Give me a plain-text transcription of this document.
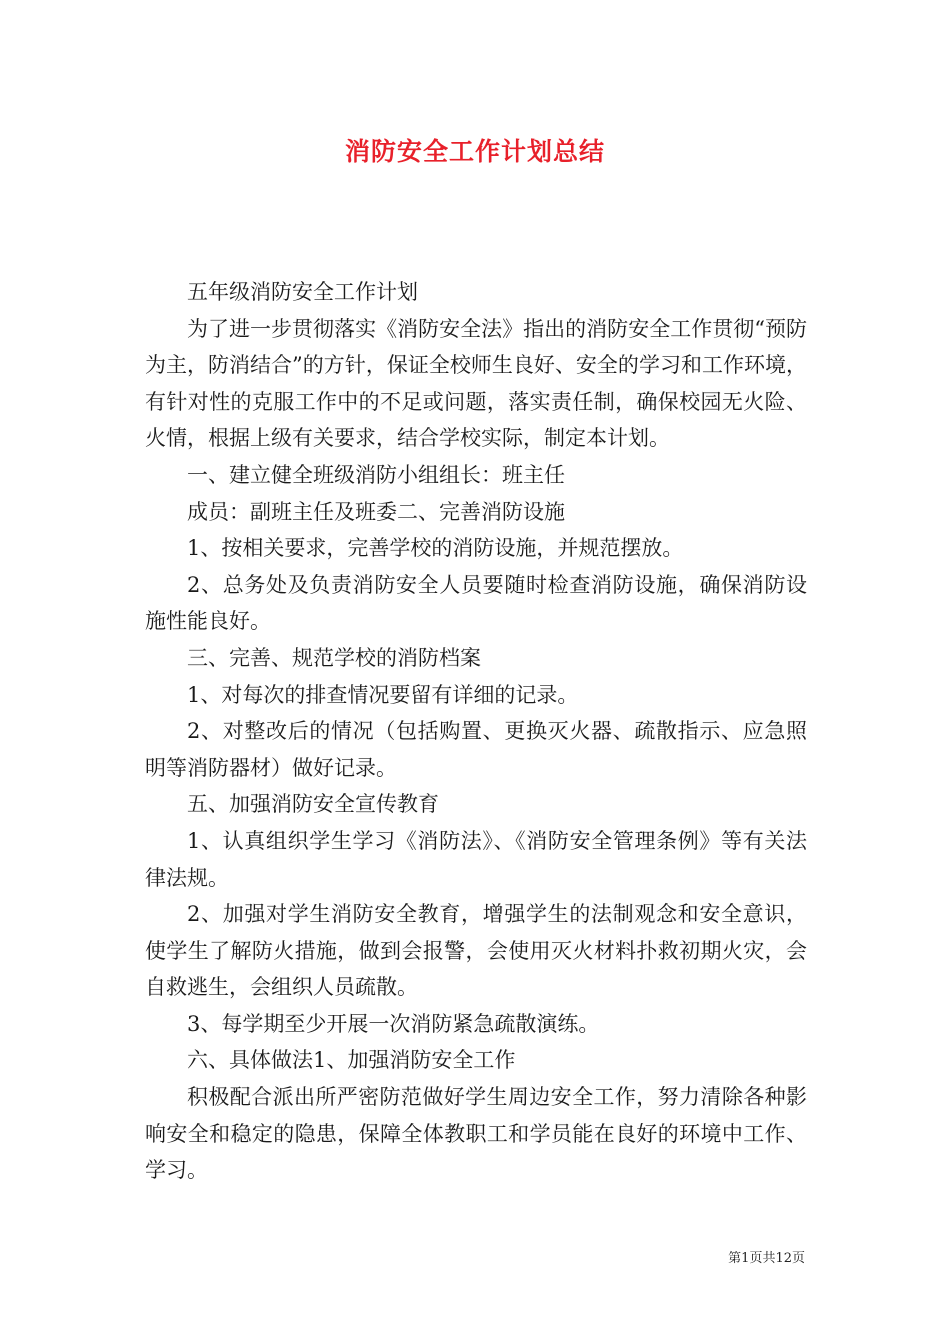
消防安全工作计划总结

五年级消防安全工作计划

为了进一步贯彻落实《消防安全法》指出的消防安全工作贯彻“预防为主，防消结合”的方针，保证全校师生良好、安全的学习和工作环境，有针对性的克服工作中的不足或问题，落实责任制，确保校园无火险、火情，根据上级有关要求，结合学校实际，制定本计划。

一、建立健全班级消防小组组长：班主任

成员：副班主任及班委二、完善消防设施

1、按相关要求，完善学校的消防设施，并规范摆放。

2、总务处及负责消防安全人员要随时检查消防设施，确保消防设施性能良好。

三、完善、规范学校的消防档案

1、对每次的排查情况要留有详细的记录。

2、对整改后的情况（包括购置、更换灭火器、疏散指示、应急照明等消防器材）做好记录。

五、加强消防安全宣传教育

1、认真组织学生学习《消防法》、《消防安全管理条例》等有关法律法规。

2、加强对学生消防安全教育，增强学生的法制观念和安全意识，使学生了解防火措施，做到会报警，会使用灭火材料扑救初期火灾，会自救逃生，会组织人员疏散。

3、每学期至少开展一次消防紧急疏散演练。

六、具体做法1、加强消防安全工作

积极配合派出所严密防范做好学生周边安全工作，努力清除各种影响安全和稳定的隐患，保障全体教职工和学员能在良好的环境中工作、学习。

第1页共12页
